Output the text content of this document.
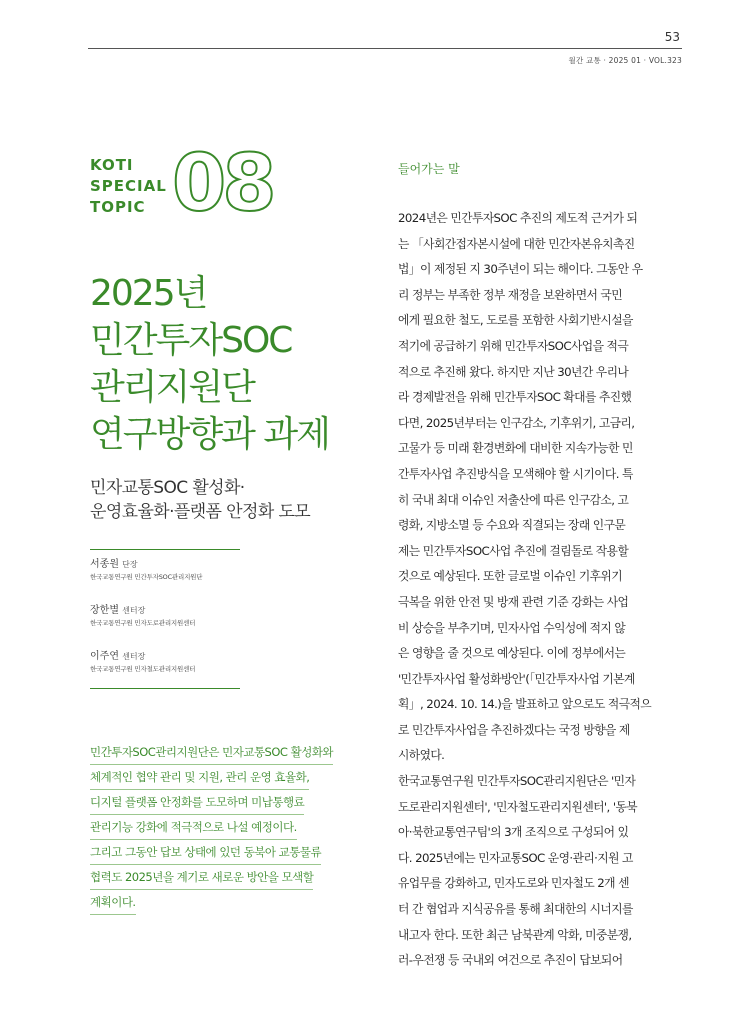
53
월간 교통 · 2025 01 · VOL.323
KOTI
SPECIAL
TOPIC 08
2025년
민간투자SOC
관리지원단
연구방향과 과제
민자교통SOC 활성화·
운영효율화·플랫폼 안정화 도모
서종원 단장
한국교통연구원 민간투자SOC관리지원단
장한별 센터장
한국교통연구원 민자도로관리지원센터
이주연 센터장
한국교통연구원 민자철도관리지원센터
민간투자SOC관리지원단은 민자교통SOC 활성화와
체계적인 협약 관리 및 지원, 관리 운영 효율화,
디지털 플랫폼 안정화를 도모하며 미납통행료
관리기능 강화에 적극적으로 나설 예정이다.
그리고 그동안 답보 상태에 있던 동북아 교통물류
협력도 2025년을 계기로 새로운 방안을 모색할
계획이다.
들어가는 말
2024년은 민간투자SOC 추진의 제도적 근거가 되
는 「사회간접자본시설에 대한 민간자본유치촉진
법」이 제정된 지 30주년이 되는 해이다. 그동안 우
리 정부는 부족한 정부 재정을 보완하면서 국민
에게 필요한 철도, 도로를 포함한 사회기반시설을
적기에 공급하기 위해 민간투자SOC사업을 적극
적으로 추진해 왔다. 하지만 지난 30년간 우리나
라 경제발전을 위해 민간투자SOC 확대를 추진했
다면, 2025년부터는 인구감소, 기후위기, 고금리,
고물가 등 미래 환경변화에 대비한 지속가능한 민
간투자사업 추진방식을 모색해야 할 시기이다. 특
히 국내 최대 이슈인 저출산에 따른 인구감소, 고
령화, 지방소멸 등 수요와 직결되는 장래 인구문
제는 민간투자SOC사업 추진에 걸림돌로 작용할
것으로 예상된다. 또한 글로벌 이슈인 기후위기
극복을 위한 안전 및 방재 관련 기준 강화는 사업
비 상승을 부추기며, 민자사업 수익성에 적지 않
은 영향을 줄 것으로 예상된다. 이에 정부에서는
'민간투자사업 활성화방안'(「민간투자사업 기본계
획」, 2024. 10. 14.)을 발표하고 앞으로도 적극적으
로 민간투자사업을 추진하겠다는 국정 방향을 제
시하였다.
한국교통연구원 민간투자SOC관리지원단은 '민자
도로관리지원센터', '민자철도관리지원센터', '동북
아·북한교통연구팀'의 3개 조직으로 구성되어 있
다. 2025년에는 민자교통SOC 운영·관리·지원 고
유업무를 강화하고, 민자도로와 민자철도 2개 센
터 간 협업과 지식공유를 통해 최대한의 시너지를
내고자 한다. 또한 최근 남북관계 악화, 미중분쟁,
러-우전쟁 등 국내외 여건으로 추진이 답보되어
